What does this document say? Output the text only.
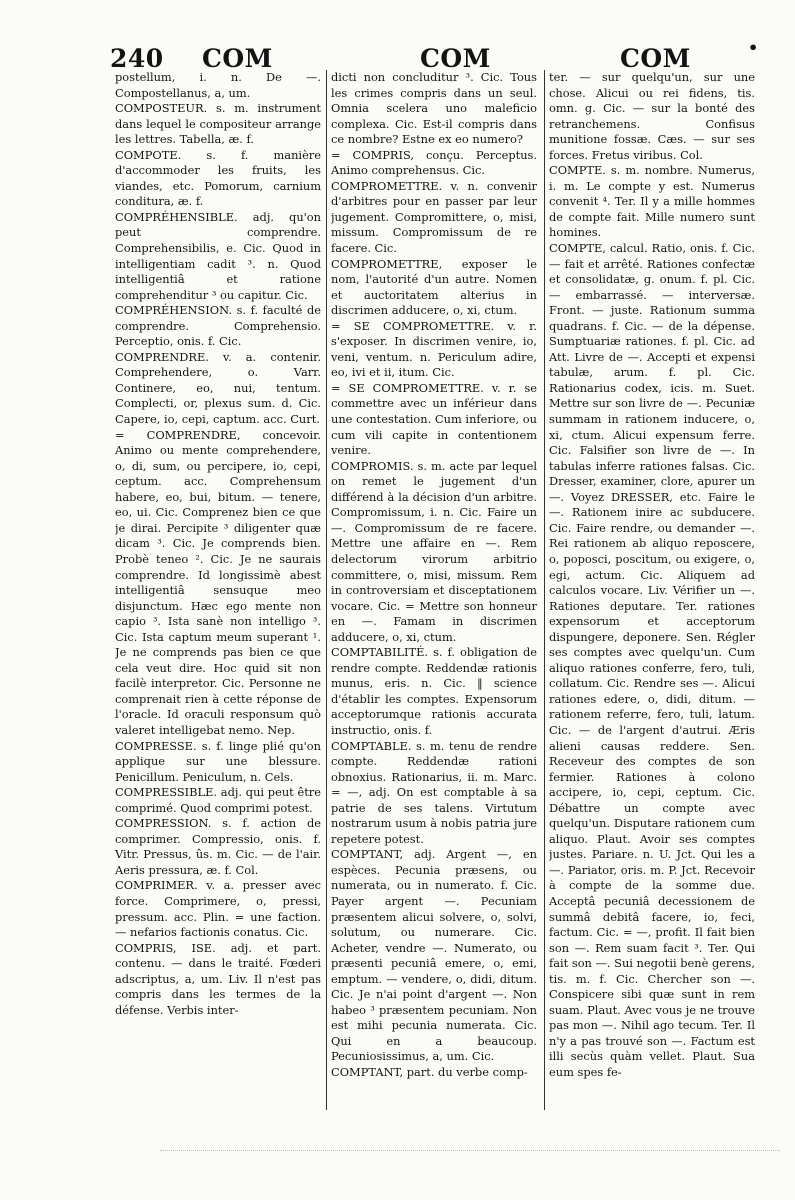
240 COM	COM	COM	•

postellum, i. n. De —. Compostellanus, a, um.

COMPOSTEUR. s. m. instrument dans lequel le compositeur arrange les lettres. Tabella, æ. f.

COMPOTE. s. f. manière d'accommoder les fruits, les viandes, etc. Pomorum, carnium conditura, æ. f.

COMPRÉHENSIBLE. adj. qu'on peut comprendre. Comprehensibilis, e. Cic. Quod in intelligentiam cadit ³. n. Quod intelligentiâ et ratione comprehenditur ³ ou capitur. Cic.

COMPRÉHENSION. s. f. faculté de comprendre. Comprehensio. Perceptio, onis. f. Cic.

COMPRENDRE. v. a. contenir. Comprehendere, o. Varr. Continere, eo, nui, tentum. Complecti, or, plexus sum. d. Cic. Capere, io, cepi, captum. acc. Curt.

= COMPRENDRE, concevoir. Animo ou mente comprehendere, o, di, sum, ou percipere, io, cepi, ceptum. acc. Comprehensum habere, eo, bui, bitum. — tenere, eo, ui. Cic. Comprenez bien ce que je dirai. Percipite ³ diligenter quæ dicam ³. Cic. Je comprends bien. Probè teneo ². Cic. Je ne saurais comprendre. Id longissimè abest intelligentiâ sensuque meo disjunctum. Hæc ego mente non capio ³. Ista sanè non intelligo ³. Cic. Ista captum meum superant ¹. Je ne comprends pas bien ce que cela veut dire. Hoc quid sit non facilè interpretor. Cic. Personne ne comprenait rien à cette réponse de l'oracle. Id oraculi responsum quò valeret intelligebat nemo. Nep.

COMPRESSE. s. f. linge plié qu'on applique sur une blessure. Penicillum. Peniculum, n. Cels.

COMPRESSIBLE. adj. qui peut être comprimé. Quod comprimi potest.

COMPRESSION. s. f. action de comprimer. Compressio, onis. f. Vitr. Pressus, ûs. m. Cic. — de l'air. Aeris pressura, æ. f. Col.

COMPRIMER. v. a. presser avec force. Comprimere, o, pressi, pressum. acc. Plin. = une faction. — nefarios factionis conatus. Cic.

COMPRIS, ISE. adj. et part. contenu. — dans le traité. Fœderi adscriptus, a, um. Liv. Il n'est pas compris dans les termes de la défense. Verbis inter-

dicti non concluditur ³. Cic. Tous les crimes compris dans un seul. Omnia scelera uno maleficio complexa. Cic. Est-il compris dans ce nombre? Estne ex eo numero?

= COMPRIS, conçu. Perceptus. Animo comprehensus. Cic.

COMPROMETTRE. v. n. convenir d'arbitres pour en passer par leur jugement. Compromittere, o, misi, missum. Compromissum de re facere. Cic.

COMPROMETTRE, exposer le nom, l'autorité d'un autre. Nomen et auctoritatem alterius in discrimen adducere, o, xi, ctum.

= SE COMPROMETTRE. v. r. s'exposer. In discrimen venire, io, veni, ventum. n. Periculum adire, eo, ivi et ii, itum. Cic.

= SE COMPROMETTRE. v. r. se commettre avec un inférieur dans une contestation. Cum inferiore, ou cum vili capite in contentionem venire.

COMPROMIS. s. m. acte par lequel on remet le jugement d'un différend à la décision d'un arbitre. Compromissum, i. n. Cic. Faire un —. Compromissum de re facere. Mettre une affaire en —. Rem delectorum virorum arbitrio committere, o, misi, missum. Rem in controversiam et disceptationem vocare. Cic. = Mettre son honneur en —. Famam in discrimen adducere, o, xi, ctum.

COMPTABILITÉ. s. f. obligation de rendre compte. Reddendæ rationis munus, eris. n. Cic. ‖ science d'établir les comptes. Expensorum acceptorumque rationis accurata instructio, onis. f.

COMPTABLE. s. m. tenu de rendre compte. Reddendæ rationi obnoxius. Rationarius, ii. m. Marc. = —, adj. On est comptable à sa patrie de ses talens. Virtutum nostrarum usum à nobis patria jure repetere potest.

COMPTANT, adj. Argent —, en espèces. Pecunia præsens, ou numerata, ou in numerato. f. Cic. Payer argent —. Pecuniam præsentem alicui solvere, o, solvi, solutum, ou numerare. Cic. Acheter, vendre —. Numerato, ou præsenti pecuniâ emere, o, emi, emptum. — vendere, o, didi, ditum. Cic. Je n'ai point d'argent —. Non habeo ³ præsentem pecuniam. Non est mihi pecunia numerata. Cic. Qui en a beaucoup. Pecuniosissimus, a, um. Cic.

COMPTANT, part. du verbe comp-

ter. — sur quelqu'un, sur une chose. Alicui ou rei fidens, tis. omn. g. Cic. — sur la bonté des retranchemens. Confisus munitione fossæ. Cæs. — sur ses forces. Fretus viribus. Col.

COMPTE. s. m. nombre. Numerus, i. m. Le compte y est. Numerus convenit ⁴. Ter. Il y a mille hommes de compte fait. Mille numero sunt homines.

COMPTE, calcul. Ratio, onis. f. Cic. — fait et arrêté. Rationes confectæ et consolidatæ, g. onum. f. pl. Cic. — embarrassé. — interversæ. Front. — juste. Rationum summa quadrans. f. Cic. — de la dépense. Sumptuariæ rationes. f. pl. Cic. ad Att. Livre de —. Accepti et expensi tabulæ, arum. f. pl. Cic. Rationarius codex, icis. m. Suet. Mettre sur son livre de —. Pecuniæ summam in rationem inducere, o, xi, ctum. Alicui expensum ferre. Cic. Falsifier son livre de —. In tabulas inferre rationes falsas. Cic. Dresser, examiner, clore, apurer un —. Voyez DRESSER, etc. Faire le —. Rationem inire ac subducere. Cic. Faire rendre, ou demander —. Rei rationem ab aliquo reposcere, o, poposci, poscitum, ou exigere, o, egi, actum. Cic. Aliquem ad calculos vocare. Liv. Vérifier un —. Rationes deputare. Ter. rationes expensorum et acceptorum dispungere, deponere. Sen. Régler ses comptes avec quelqu'un. Cum aliquo rationes conferre, fero, tuli, collatum. Cic. Rendre ses —. Alicui rationes edere, o, didi, ditum. — rationem referre, fero, tuli, latum. Cic. — de l'argent d'autrui. Æris alieni causas reddere. Sen. Receveur des comptes de son fermier. Rationes à colono accipere, io, cepi, ceptum. Cic. Débattre un compte avec quelqu'un. Disputare rationem cum aliquo. Plaut. Avoir ses comptes justes. Pariare. n. U. Jct. Qui les a —. Pariator, oris. m. P. Jct. Recevoir à compte de la somme due. Acceptâ pecuniâ decessionem de summâ debitâ facere, io, feci, factum. Cic. = —, profit. Il fait bien son —. Rem suam facit ³. Ter. Qui fait son —. Sui negotii benè gerens, tis. m. f. Cic. Chercher son —. Conspicere sibi quæ sunt in rem suam. Plaut. Avec vous je ne trouve pas mon —. Nihil ago tecum. Ter. Il n'y a pas trouvé son —. Factum est illi secùs quàm vellet. Plaut. Sua eum spes fe-
